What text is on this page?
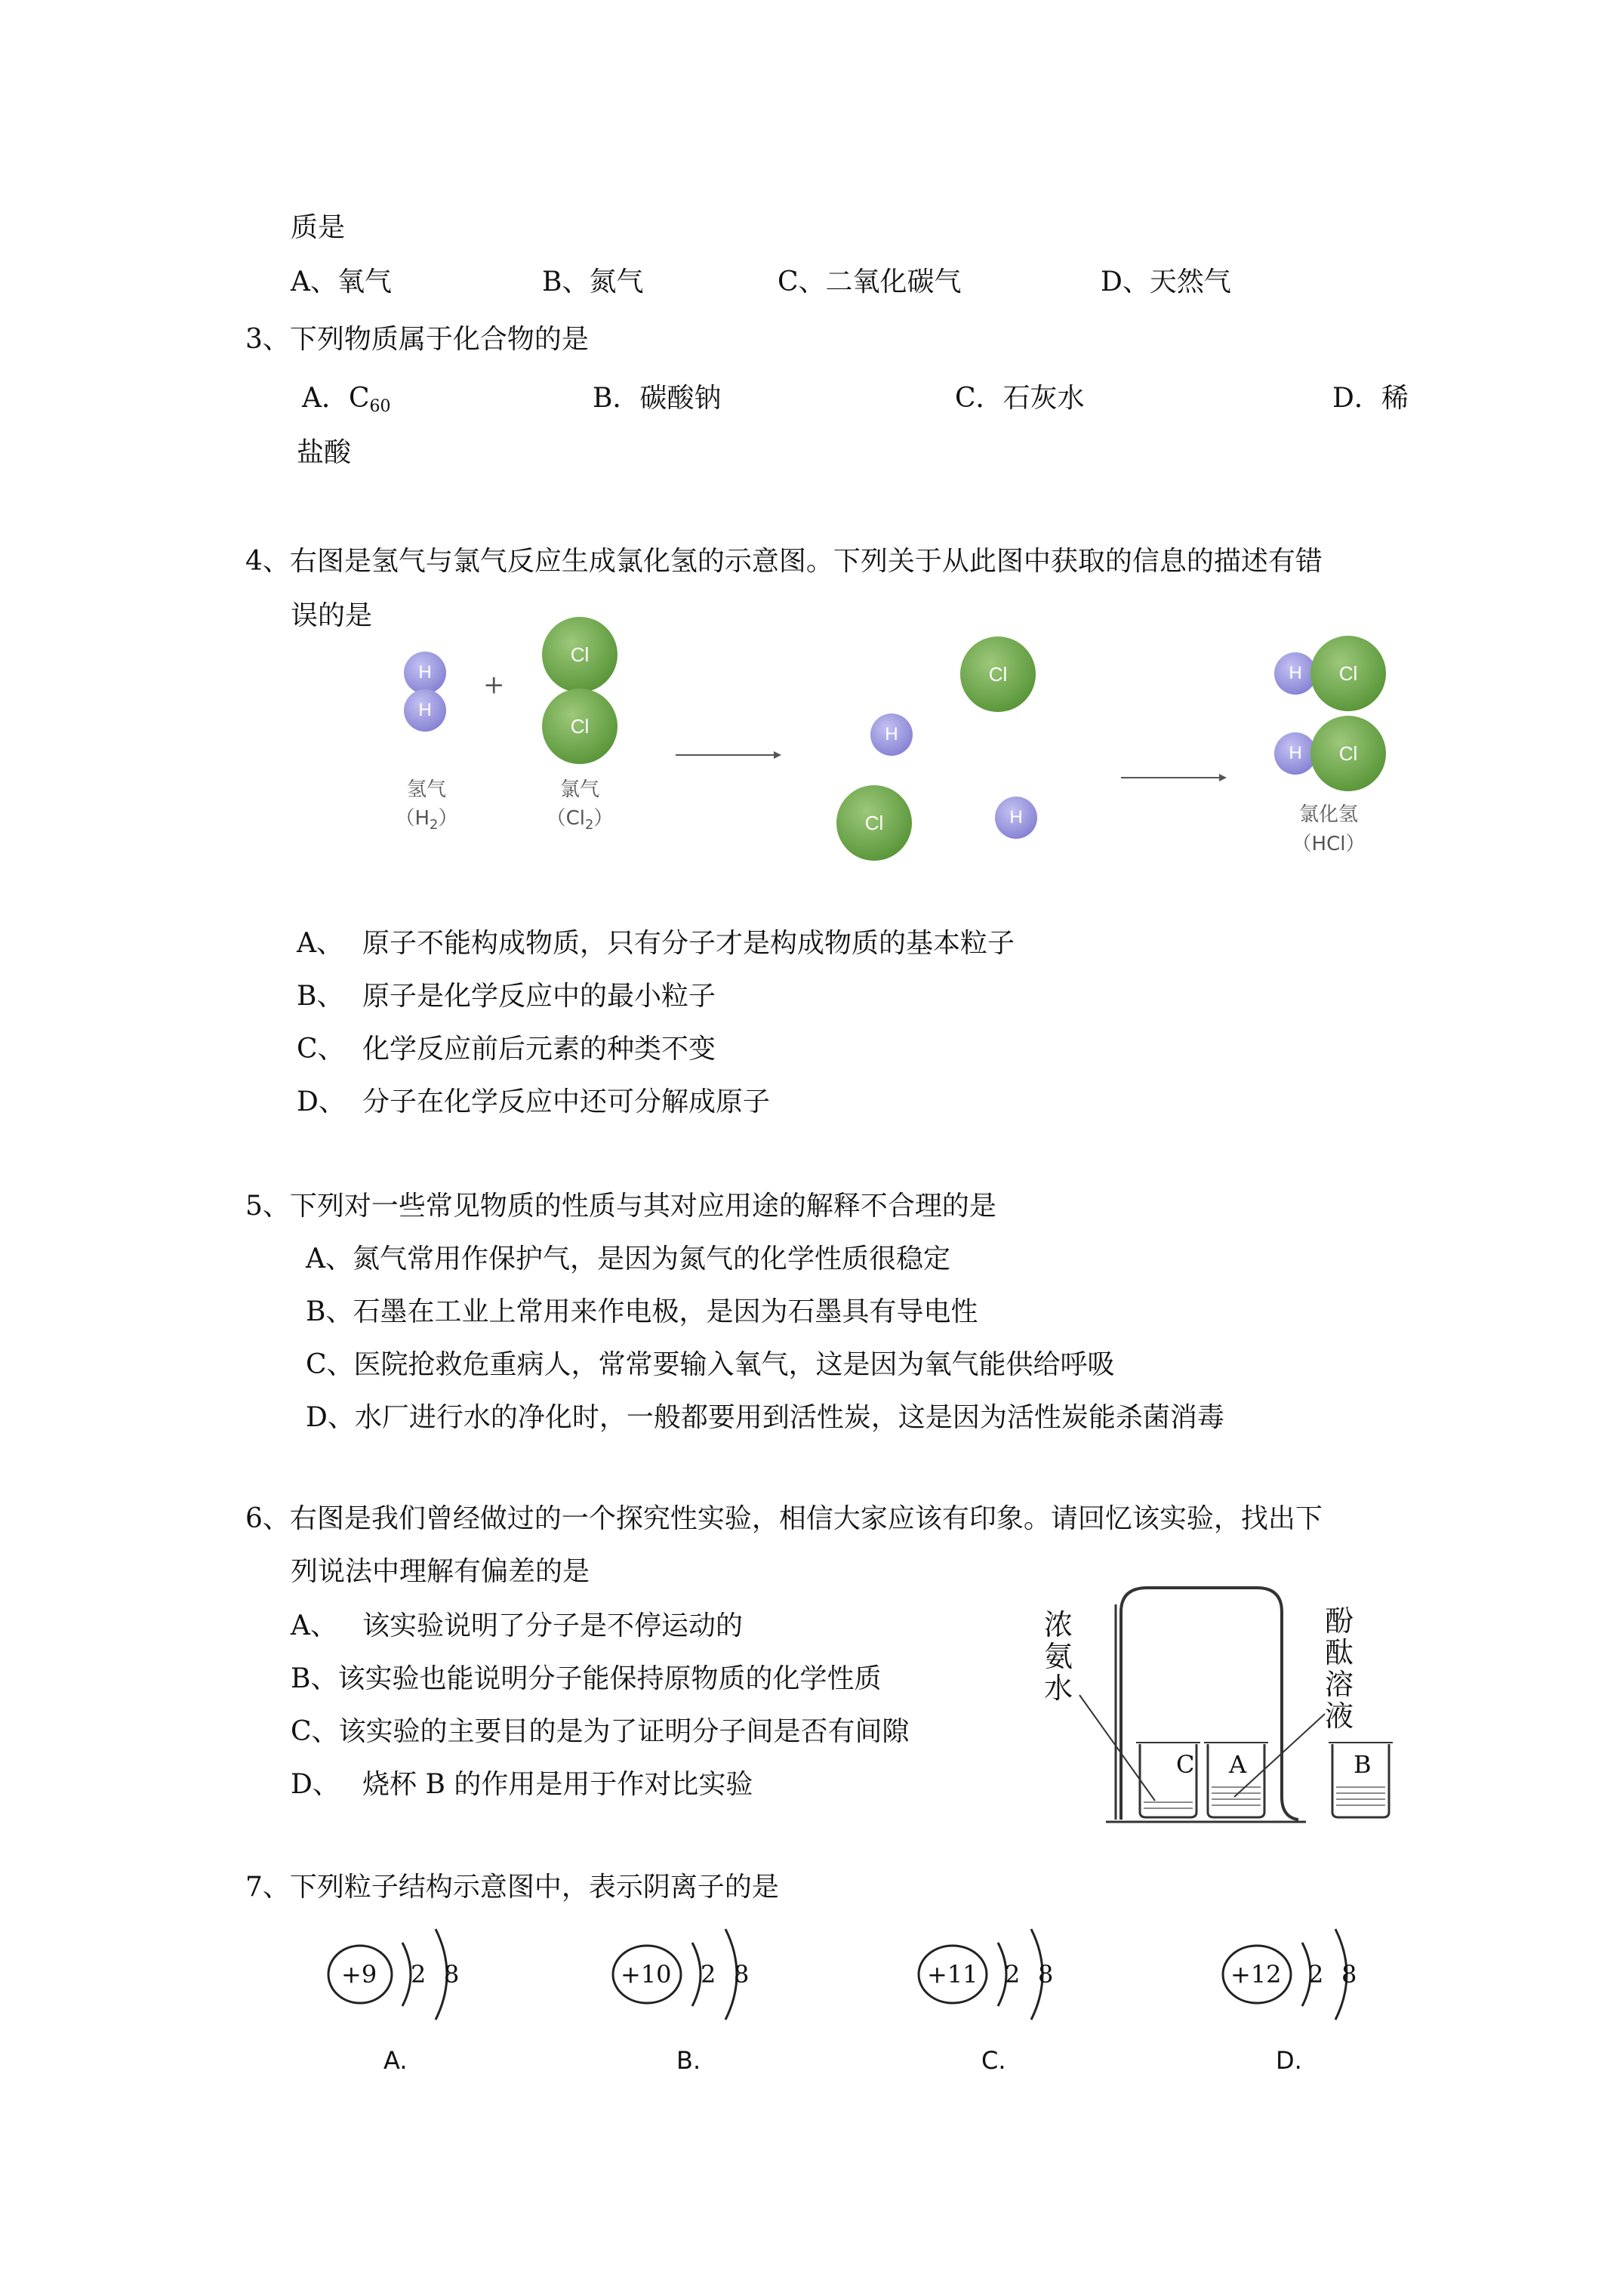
质是
A、氧气	B、氮气	C、二氧化碳气	D、天然气
3、下列物质属于化合物的是
A．$C_{60}$	B．碳酸钠	C．石灰水	D．稀
盐酸
4、右图是氢气与氯气反应生成氯化氢的示意图。下列关于从此图中获取的信息的描述有错
误的是
H
H
+
Cl
Cl
氢气
$(H_2)$
氯气
$(Cl_2)$
Cl
H
Cl	H
H	Cl
H	Cl
氯化氢
（HCl）
A、 原子不能构成物质，只有分子才是构成物质的基本粒子
B、 原子是化学反应中的最小粒子
C、 化学反应前后元素的种类不变
D、 分子在化学反应中还可分解成原子
5、下列对一些常见物质的性质与其对应用途的解释不合理的是
A、氮气常用作保护气，是因为氮气的化学性质很稳定
B、石墨在工业上常用来作电极，是因为石墨具有导电性
C、医院抢救危重病人，常常要输入氧气，这是因为氧气能供给呼吸
D、水厂进行水的净化时，一般都要用到活性炭，这是因为活性炭能杀菌消毒
6、右图是我们曾经做过的一个探究性实验，相信大家应该有印象。请回忆该实验，找出下
列说法中理解有偏差的是
A、 该实验说明了分子是不停运动的
B、该实验也能说明分子能保持原物质的化学性质
C、该实验的主要目的是为了证明分子间是否有间隙
D、 烧杯 B 的作用是用于作对比实验
浓
氨
水
酚
酞
溶
液
C A	B
7、下列粒子结构示意图中，表示阴离子的是
+9 2 8
A.
+10 2 8
B.
+11 2 8
C.
+12 2 8
D.
